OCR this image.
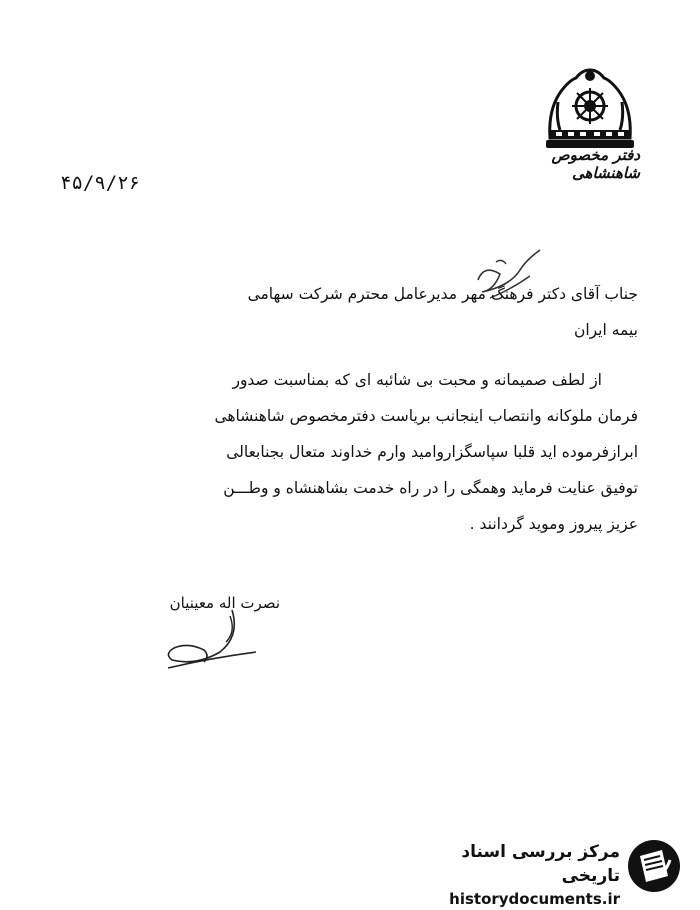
دفتر مخصوص شاهنشاهی
۴۵/۹/۲۶
جناب آقای دکتر فرهنگ مهر مدیرعامل محترم شرکت سهامی
بیمه ایران
از لطف صمیمانه و محبت بی شائبه ای که بمناسبت صدور
فرمان ملوکانه وانتصاب اینجانب بریاست دفترمخصوص شاهنشاهی
ابرازفرموده اید قلبا سپاسگزاروامید وارم خداوند متعال بجنابعالی
توفیق عنایت فرماید وهمگی را در راه خدمت بشاهنشاه و وطـــن
عزیز پیروز وموید گردانند .
نصرت اله معینیان
مرکز بررسی اسناد تاریخی
historydocuments.ir
